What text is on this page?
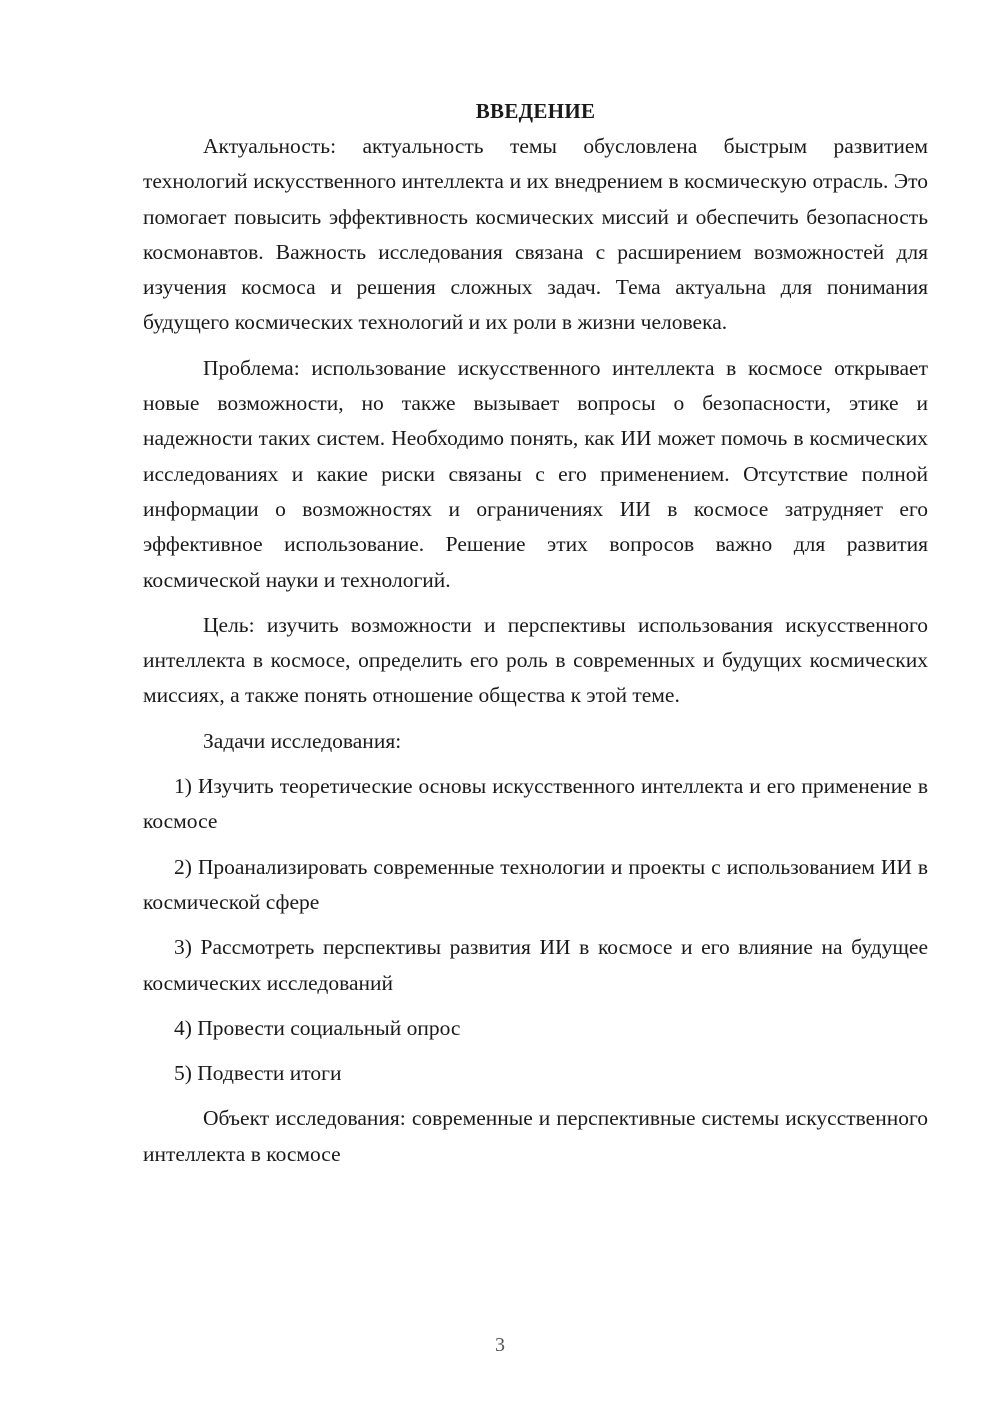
ВВЕДЕНИЕ

Актуальность: актуальность темы обусловлена быстрым развитием технологий искусственного интеллекта и их внедрением в космическую отрасль. Это помогает повысить эффективность космических миссий и обеспечить безопасность космонавтов. Важность исследования связана с расширением возможностей для изучения космоса и решения сложных задач. Тема актуальна для понимания будущего космических технологий и их роли в жизни человека.

Проблема: использование искусственного интеллекта в космосе открывает новые возможности, но также вызывает вопросы о безопасности, этике и надежности таких систем. Необходимо понять, как ИИ может помочь в космических исследованиях и какие риски связаны с его применением. Отсутствие полной информации о возможностях и ограничениях ИИ в космосе затрудняет его эффективное использование. Решение этих вопросов важно для развития космической науки и технологий.

Цель: изучить возможности и перспективы использования искусственного интеллекта в космосе, определить его роль в современных и будущих космических миссиях, а также понять отношение общества к этой теме.

Задачи исследования:

1) Изучить теоретические основы искусственного интеллекта и его применение в космосе

2) Проанализировать современные технологии и проекты с использованием ИИ в космической сфере

3) Рассмотреть перспективы развития ИИ в космосе и его влияние на будущее космических исследований

4) Провести социальный опрос

5) Подвести итоги

Объект исследования: современные и перспективные системы искусственного интеллекта в космосе

3
